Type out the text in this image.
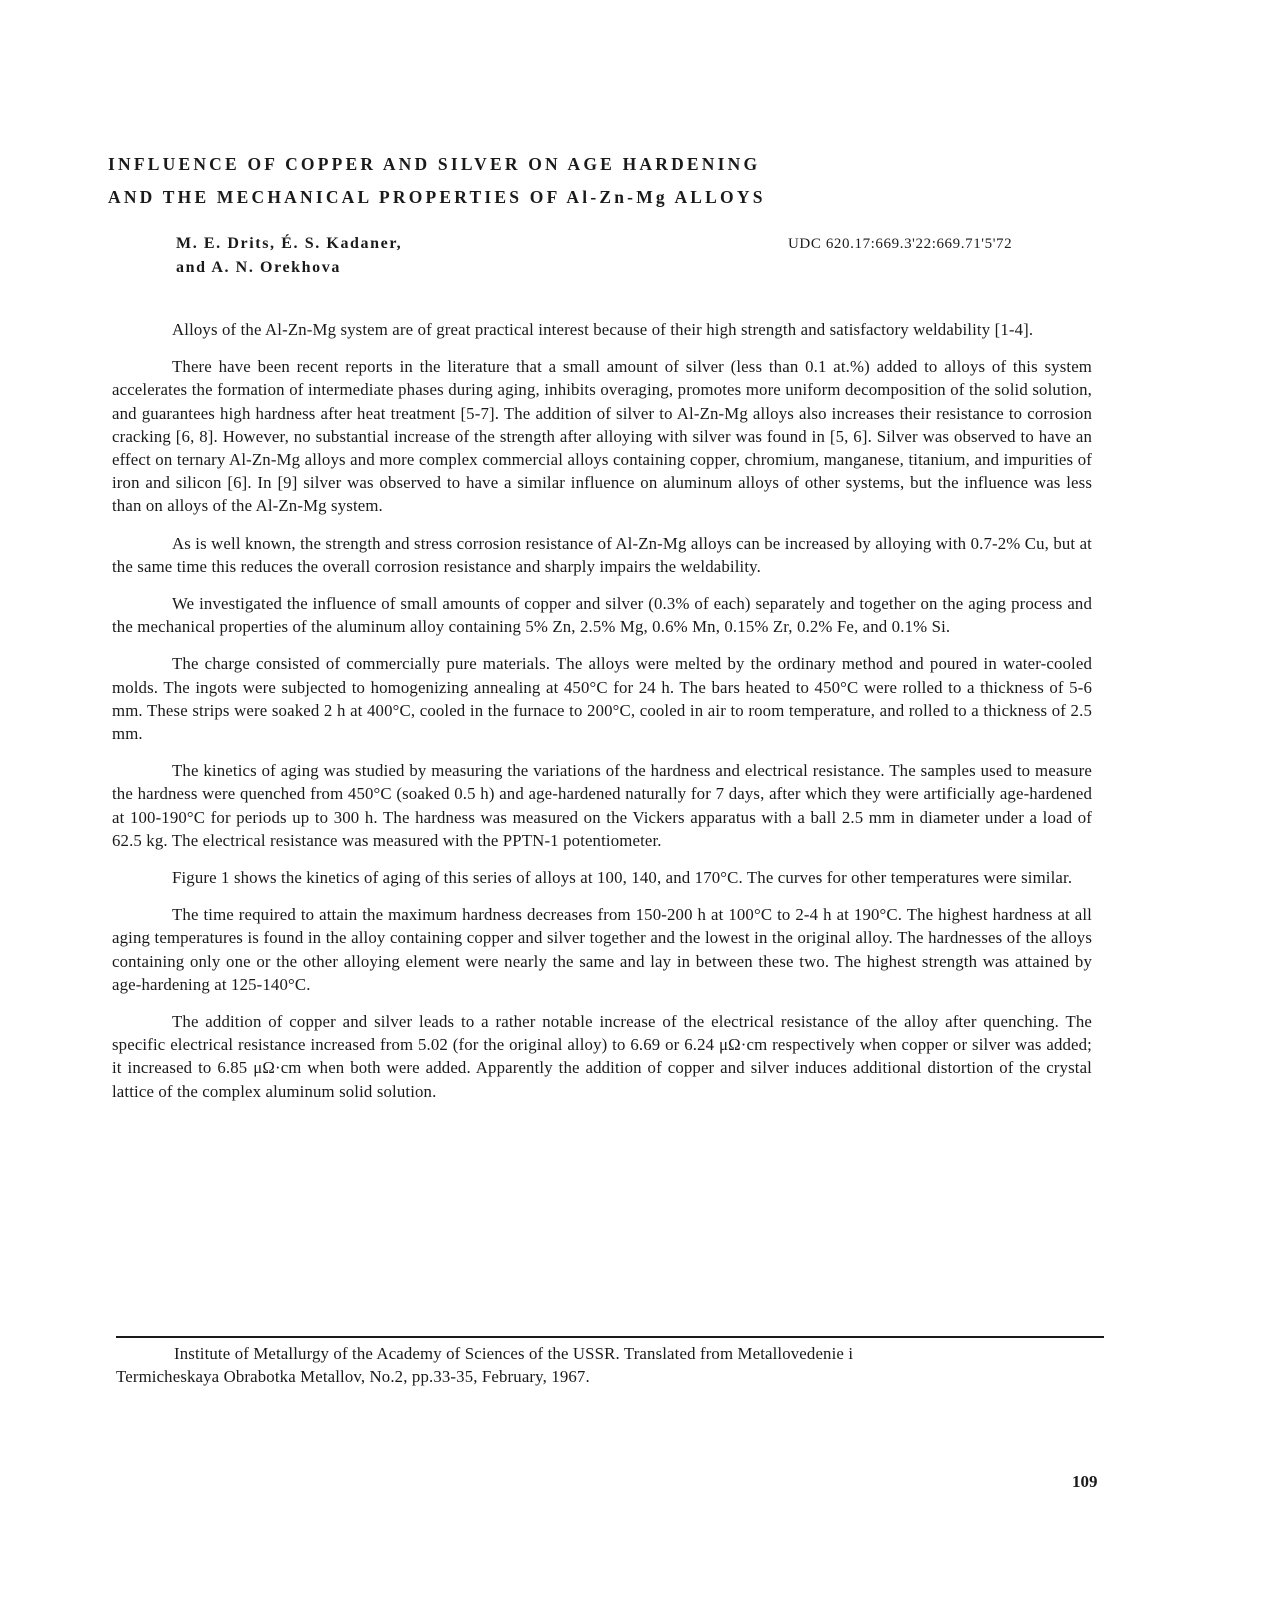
INFLUENCE OF COPPER AND SILVER ON AGE HARDENING
AND THE MECHANICAL PROPERTIES OF Al-Zn-Mg ALLOYS
M. E. Drits, É. S. Kadaner,
and A. N. Orekhova
UDC 620.17:669.3'22:669.71'5'72

Alloys of the Al-Zn-Mg system are of great practical interest because of their high strength and satisfactory weldability [1-4].

There have been recent reports in the literature that a small amount of silver (less than 0.1 at.%) added to alloys of this system accelerates the formation of intermediate phases during aging, inhibits overaging, promotes more uniform decomposition of the solid solution, and guarantees high hardness after heat treatment [5-7]. The addition of silver to Al-Zn-Mg alloys also increases their resistance to corrosion cracking [6, 8]. However, no substantial increase of the strength after alloying with silver was found in [5, 6]. Silver was observed to have an effect on ternary Al-Zn-Mg alloys and more complex commercial alloys containing copper, chromium, manganese, titanium, and impurities of iron and silicon [6]. In [9] silver was observed to have a similar influence on aluminum alloys of other systems, but the influence was less than on alloys of the Al-Zn-Mg system.

As is well known, the strength and stress corrosion resistance of Al-Zn-Mg alloys can be increased by alloying with 0.7-2% Cu, but at the same time this reduces the overall corrosion resistance and sharply impairs the weldability.

We investigated the influence of small amounts of copper and silver (0.3% of each) separately and together on the aging process and the mechanical properties of the aluminum alloy containing 5% Zn, 2.5% Mg, 0.6% Mn, 0.15% Zr, 0.2% Fe, and 0.1% Si.

The charge consisted of commercially pure materials. The alloys were melted by the ordinary method and poured in water-cooled molds. The ingots were subjected to homogenizing annealing at 450°C for 24 h. The bars heated to 450°C were rolled to a thickness of 5-6 mm. These strips were soaked 2 h at 400°C, cooled in the furnace to 200°C, cooled in air to room temperature, and rolled to a thickness of 2.5 mm.

The kinetics of aging was studied by measuring the variations of the hardness and electrical resistance. The samples used to measure the hardness were quenched from 450°C (soaked 0.5 h) and age-hardened naturally for 7 days, after which they were artificially age-hardened at 100-190°C for periods up to 300 h. The hardness was measured on the Vickers apparatus with a ball 2.5 mm in diameter under a load of 62.5 kg. The electrical resistance was measured with the PPTN-1 potentiometer.

Figure 1 shows the kinetics of aging of this series of alloys at 100, 140, and 170°C. The curves for other temperatures were similar.

The time required to attain the maximum hardness decreases from 150-200 h at 100°C to 2-4 h at 190°C. The highest hardness at all aging temperatures is found in the alloy containing copper and silver together and the lowest in the original alloy. The hardnesses of the alloys containing only one or the other alloying element were nearly the same and lay in between these two. The highest strength was attained by age-hardening at 125-140°C.

The addition of copper and silver leads to a rather notable increase of the electrical resistance of the alloy after quenching. The specific electrical resistance increased from 5.02 (for the original alloy) to 6.69 or 6.24 μΩ·cm respectively when copper or silver was added; it increased to 6.85 μΩ·cm when both were added. Apparently the addition of copper and silver induces additional distortion of the crystal lattice of the complex aluminum solid solution.

Institute of Metallurgy of the Academy of Sciences of the USSR. Translated from Metallovedenie i
Termicheskaya Obrabotka Metallov, No.2, pp.33-35, February, 1967.
109
